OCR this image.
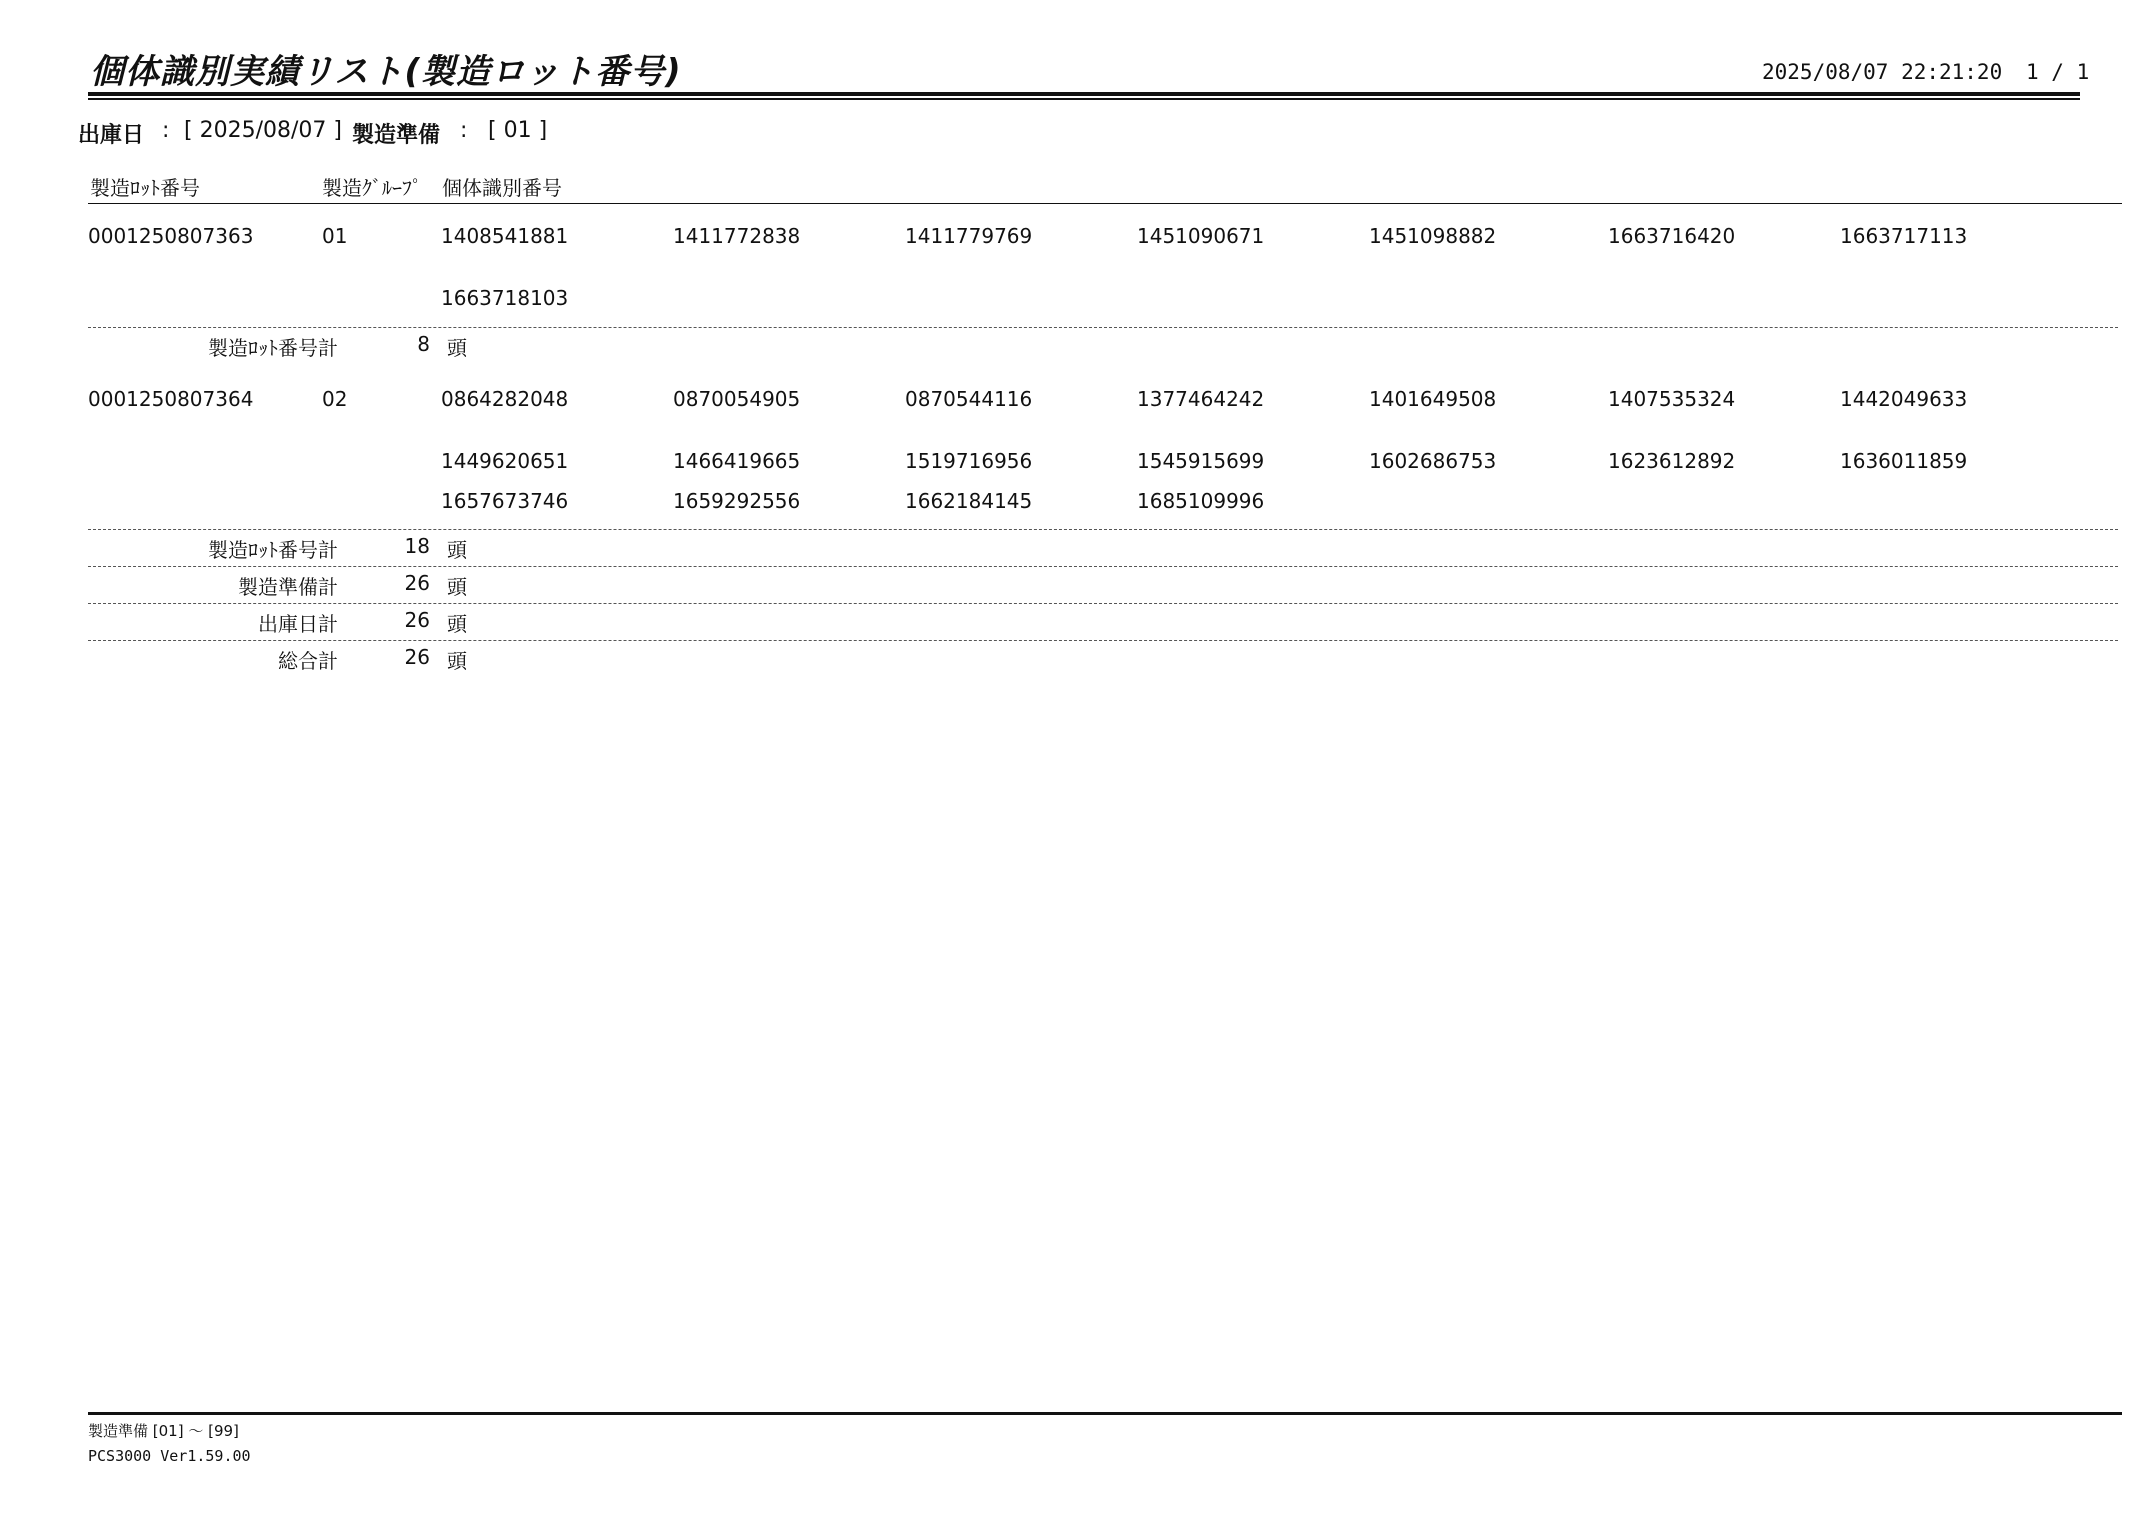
個体識別実績リスト(製造ロット番号)	2025/08/07 22:21:20 1 / 1
出庫日 : [ 2025/08/07 ] 製造準備 : [ 01 ]
製造ﾛｯﾄ番号	製造ｸﾞﾙｰﾌﾟ 個体識別番号
0001250807363	01	1408541881	1411772838	1411779769	1451090671	1451098882	1663716420	1663717113
1663718103
製造ﾛｯﾄ番号計	8 頭
0001250807364	02	0864282048	0870054905	0870544116	1377464242	1401649508	1407535324	1442049633
1449620651	1466419665	1519716956	1545915699	1602686753	1623612892	1636011859
1657673746	1659292556	1662184145	1685109996
製造ﾛｯﾄ番号計	18 頭
製造準備計	26 頭
出庫日計	26 頭
総合計	26 頭
製造準備 [01] ～ [99]
PCS3000 Ver1.59.00
